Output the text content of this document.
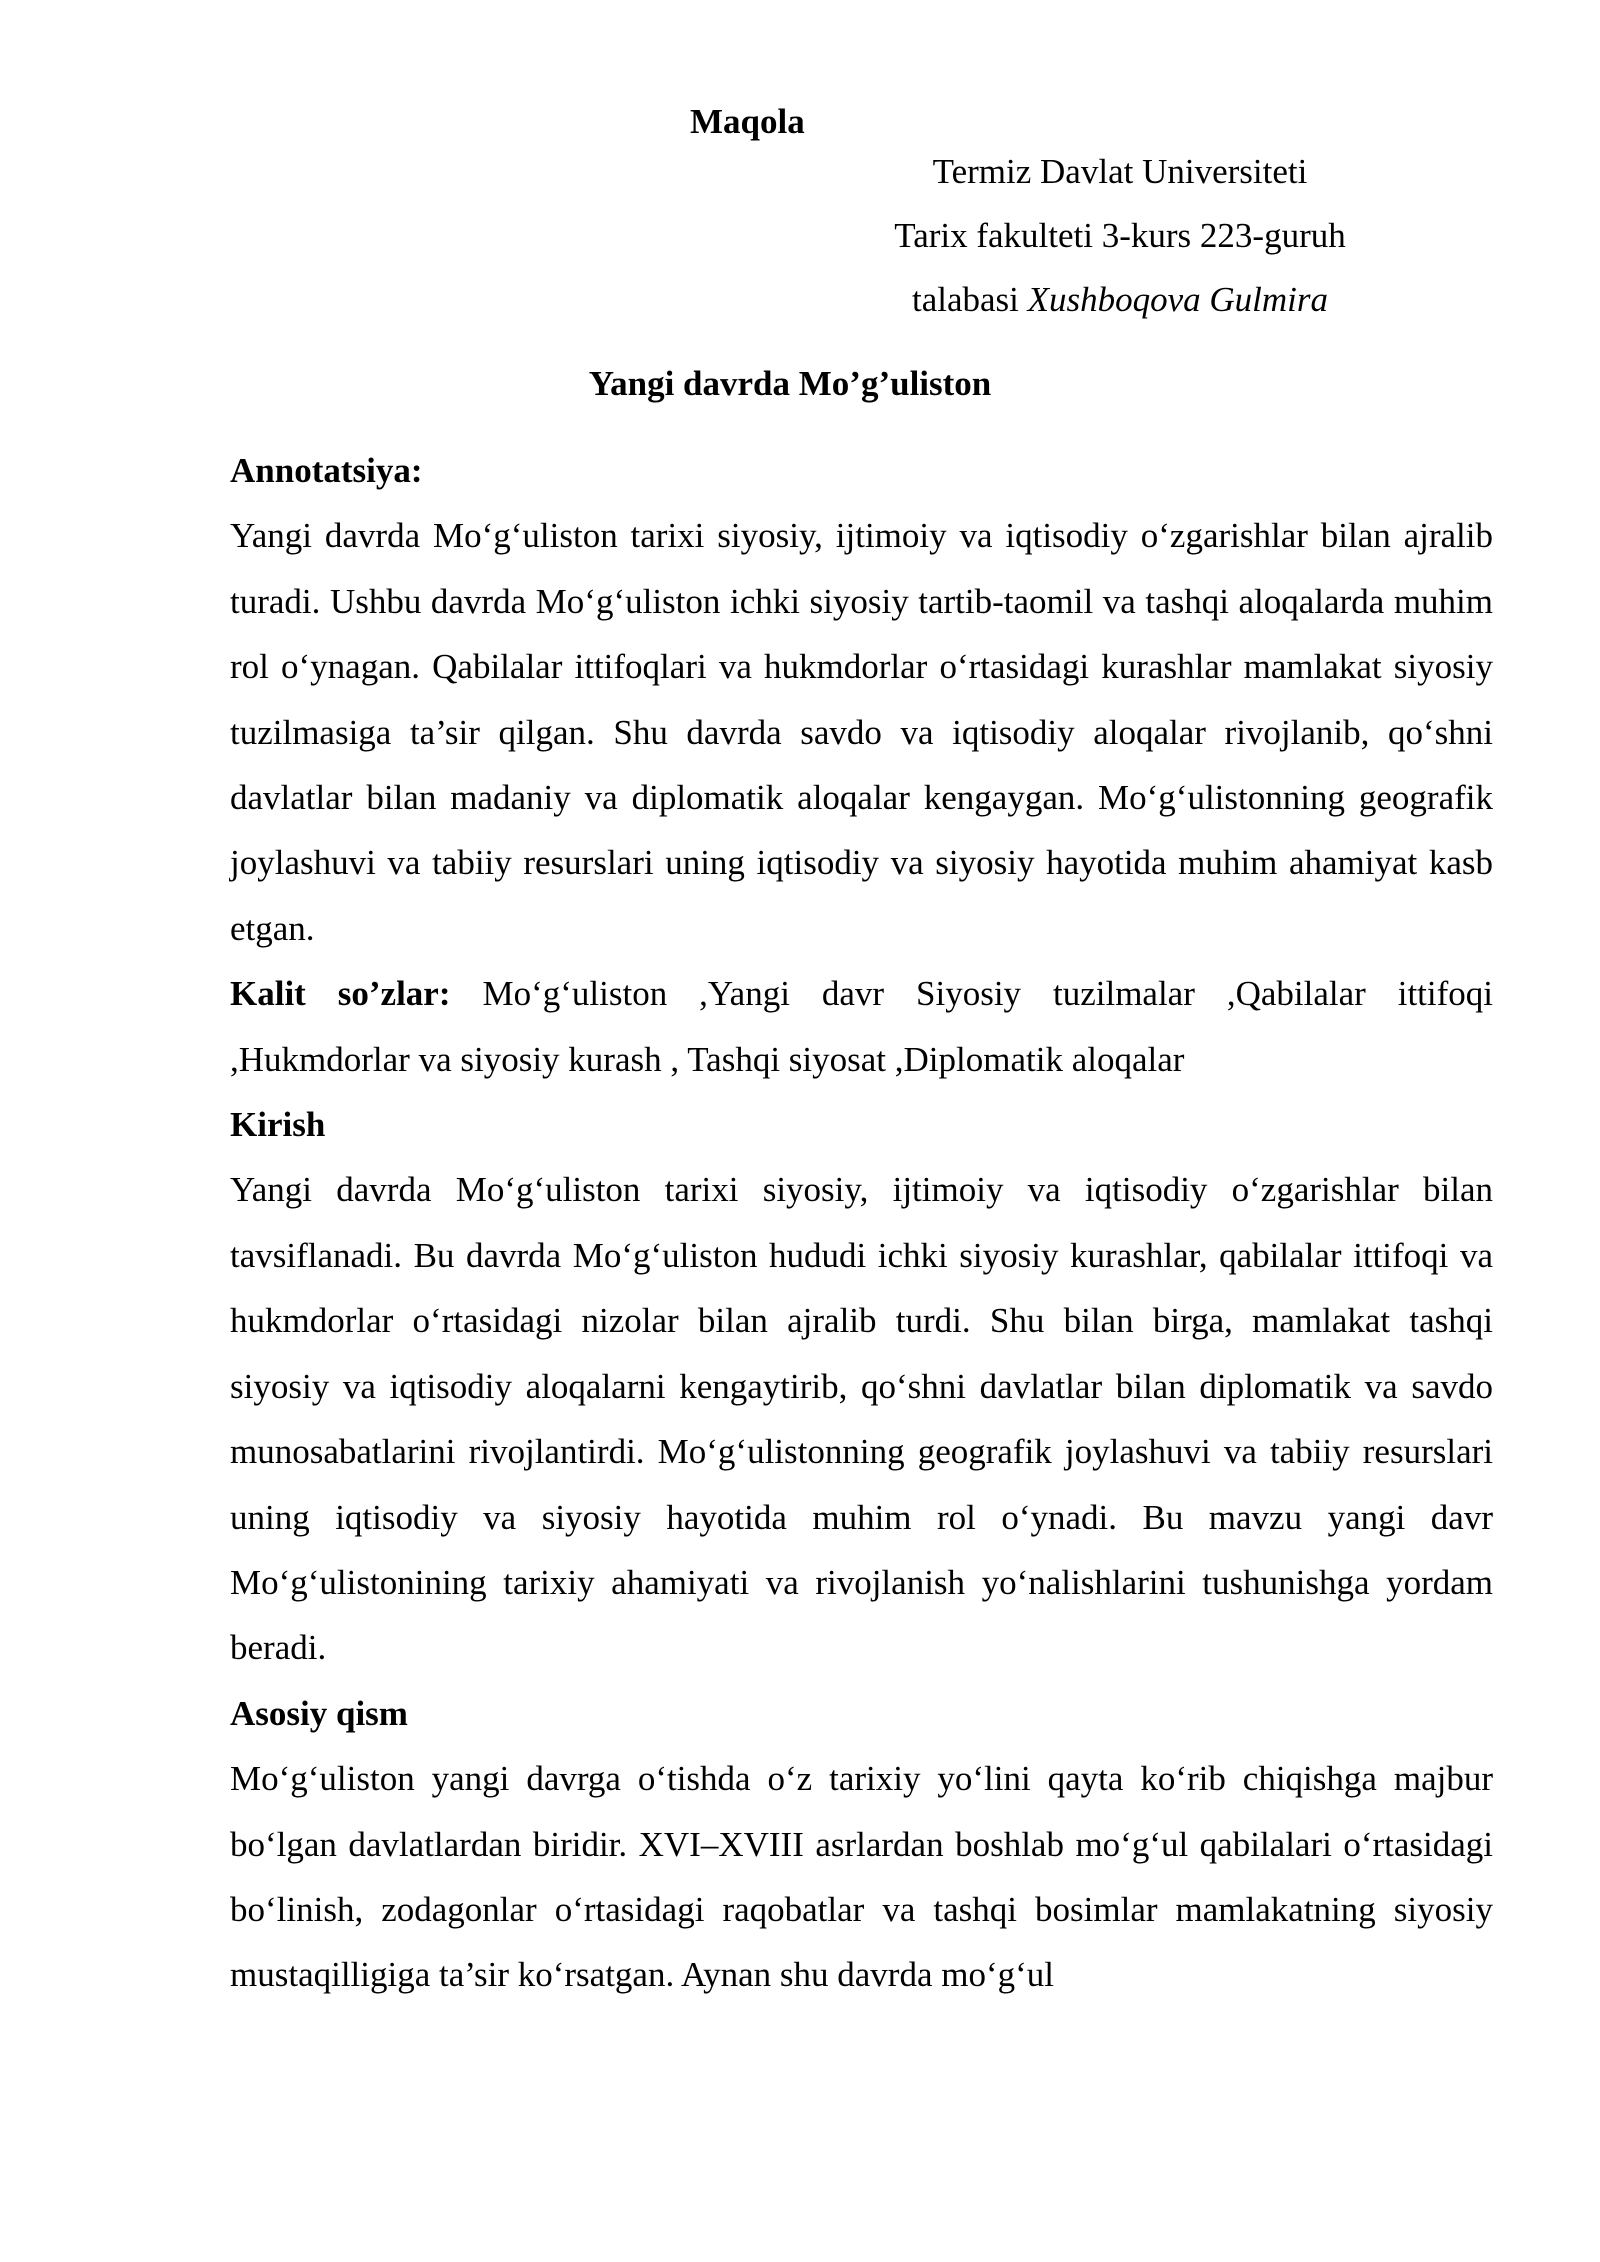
Maqola
Termiz Davlat Universiteti
Tarix fakulteti 3-kurs 223-guruh
talabasi Xushboqova Gulmira
Yangi davrda Mo’g’uliston
Annotatsiya:

Yangi davrda Mo‘g‘uliston tarixi siyosiy, ijtimoiy va iqtisodiy o‘zgarishlar bilan ajralib turadi. Ushbu davrda Mo‘g‘uliston ichki siyosiy tartib-taomil va tashqi aloqalarda muhim rol o‘ynagan. Qabilalar ittifoqlari va hukmdorlar o‘rtasidagi kurashlar mamlakat siyosiy tuzilmasiga ta’sir qilgan. Shu davrda savdo va iqtisodiy aloqalar rivojlanib, qo‘shni davlatlar bilan madaniy va diplomatik aloqalar kengaygan. Mo‘g‘ulistonning geografik joylashuvi va tabiiy resurslari uning iqtisodiy va siyosiy hayotida muhim ahamiyat kasb etgan.

Kalit so’zlar: Mo‘g‘uliston ,Yangi davr Siyosiy tuzilmalar ,Qabilalar ittifoqi ,Hukmdorlar va siyosiy kurash , Tashqi siyosat ,Diplomatik aloqalar

Kirish

Yangi davrda Mo‘g‘uliston tarixi siyosiy, ijtimoiy va iqtisodiy o‘zgarishlar bilan tavsiflanadi. Bu davrda Mo‘g‘uliston hududi ichki siyosiy kurashlar, qabilalar ittifoqi va hukmdorlar o‘rtasidagi nizolar bilan ajralib turdi. Shu bilan birga, mamlakat tashqi siyosiy va iqtisodiy aloqalarni kengaytirib, qo‘shni davlatlar bilan diplomatik va savdo munosabatlarini rivojlantirdi. Mo‘g‘ulistonning geografik joylashuvi va tabiiy resurslari uning iqtisodiy va siyosiy hayotida muhim rol o‘ynadi. Bu mavzu yangi davr Mo‘g‘ulistonining tarixiy ahamiyati va rivojlanish yo‘nalishlarini tushunishga yordam beradi.

Asosiy qism

Mo‘g‘uliston yangi davrga o‘tishda o‘z tarixiy yo‘lini qayta ko‘rib chiqishga majbur bo‘lgan davlatlardan biridir. XVI–XVIII asrlardan boshlab mo‘g‘ul qabilalari o‘rtasidagi bo‘linish, zodagonlar o‘rtasidagi raqobatlar va tashqi bosimlar mamlakatning siyosiy mustaqilligiga ta’sir ko‘rsatgan. Aynan shu davrda mo‘g‘ul
